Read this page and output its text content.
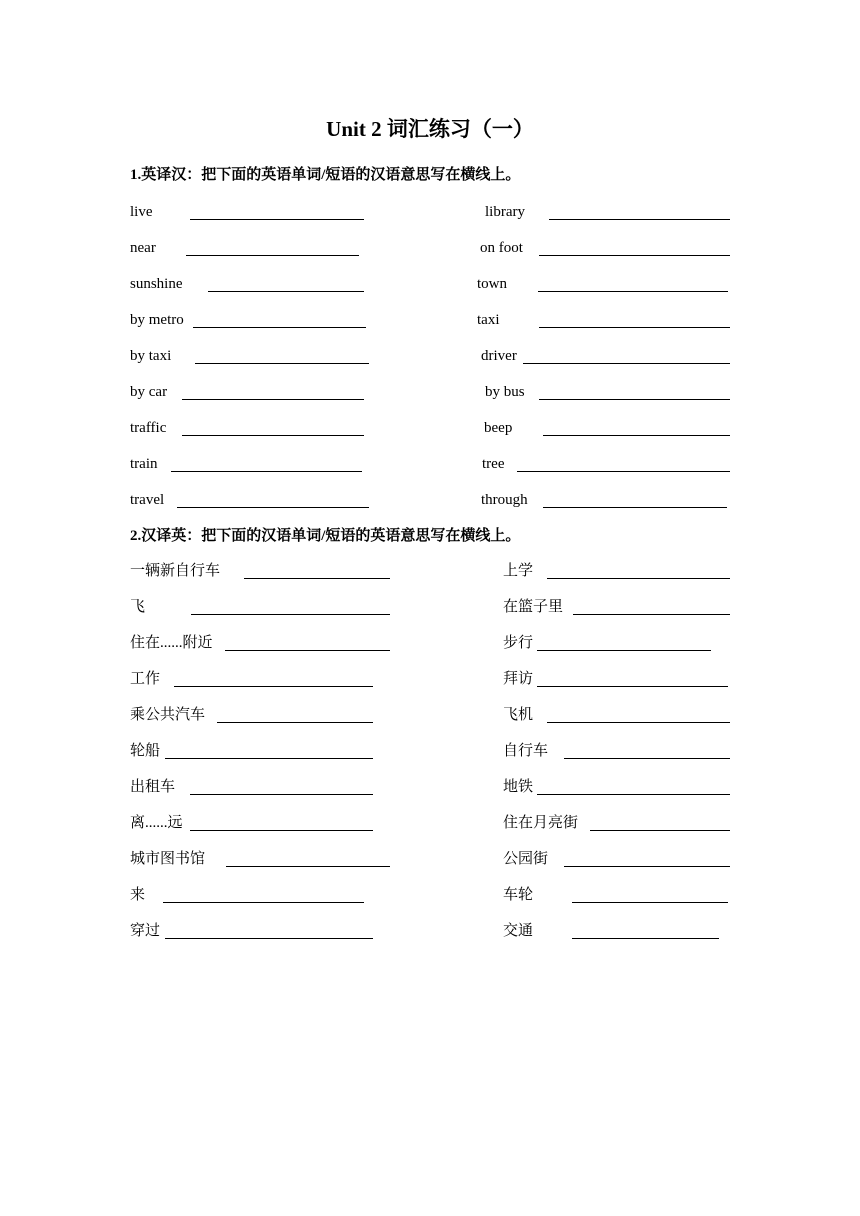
Unit 2 词汇练习（一）
1.英译汉：把下面的英语单词/短语的汉语意思写在横线上。
live	library
near	on foot
sunshine	town
by metro	taxi
by taxi	driver
by car	by bus
traffic	beep
train	tree
travel	through
2.汉译英：把下面的汉语单词/短语的英语意思写在横线上。
一辆新自行车	上学
飞	在篮子里
住在......附近	步行
工作	拜访
乘公共汽车	飞机
轮船	自行车
出租车	地铁
离......远	住在月亮街
城市图书馆	公园街
来	车轮
穿过	交通
